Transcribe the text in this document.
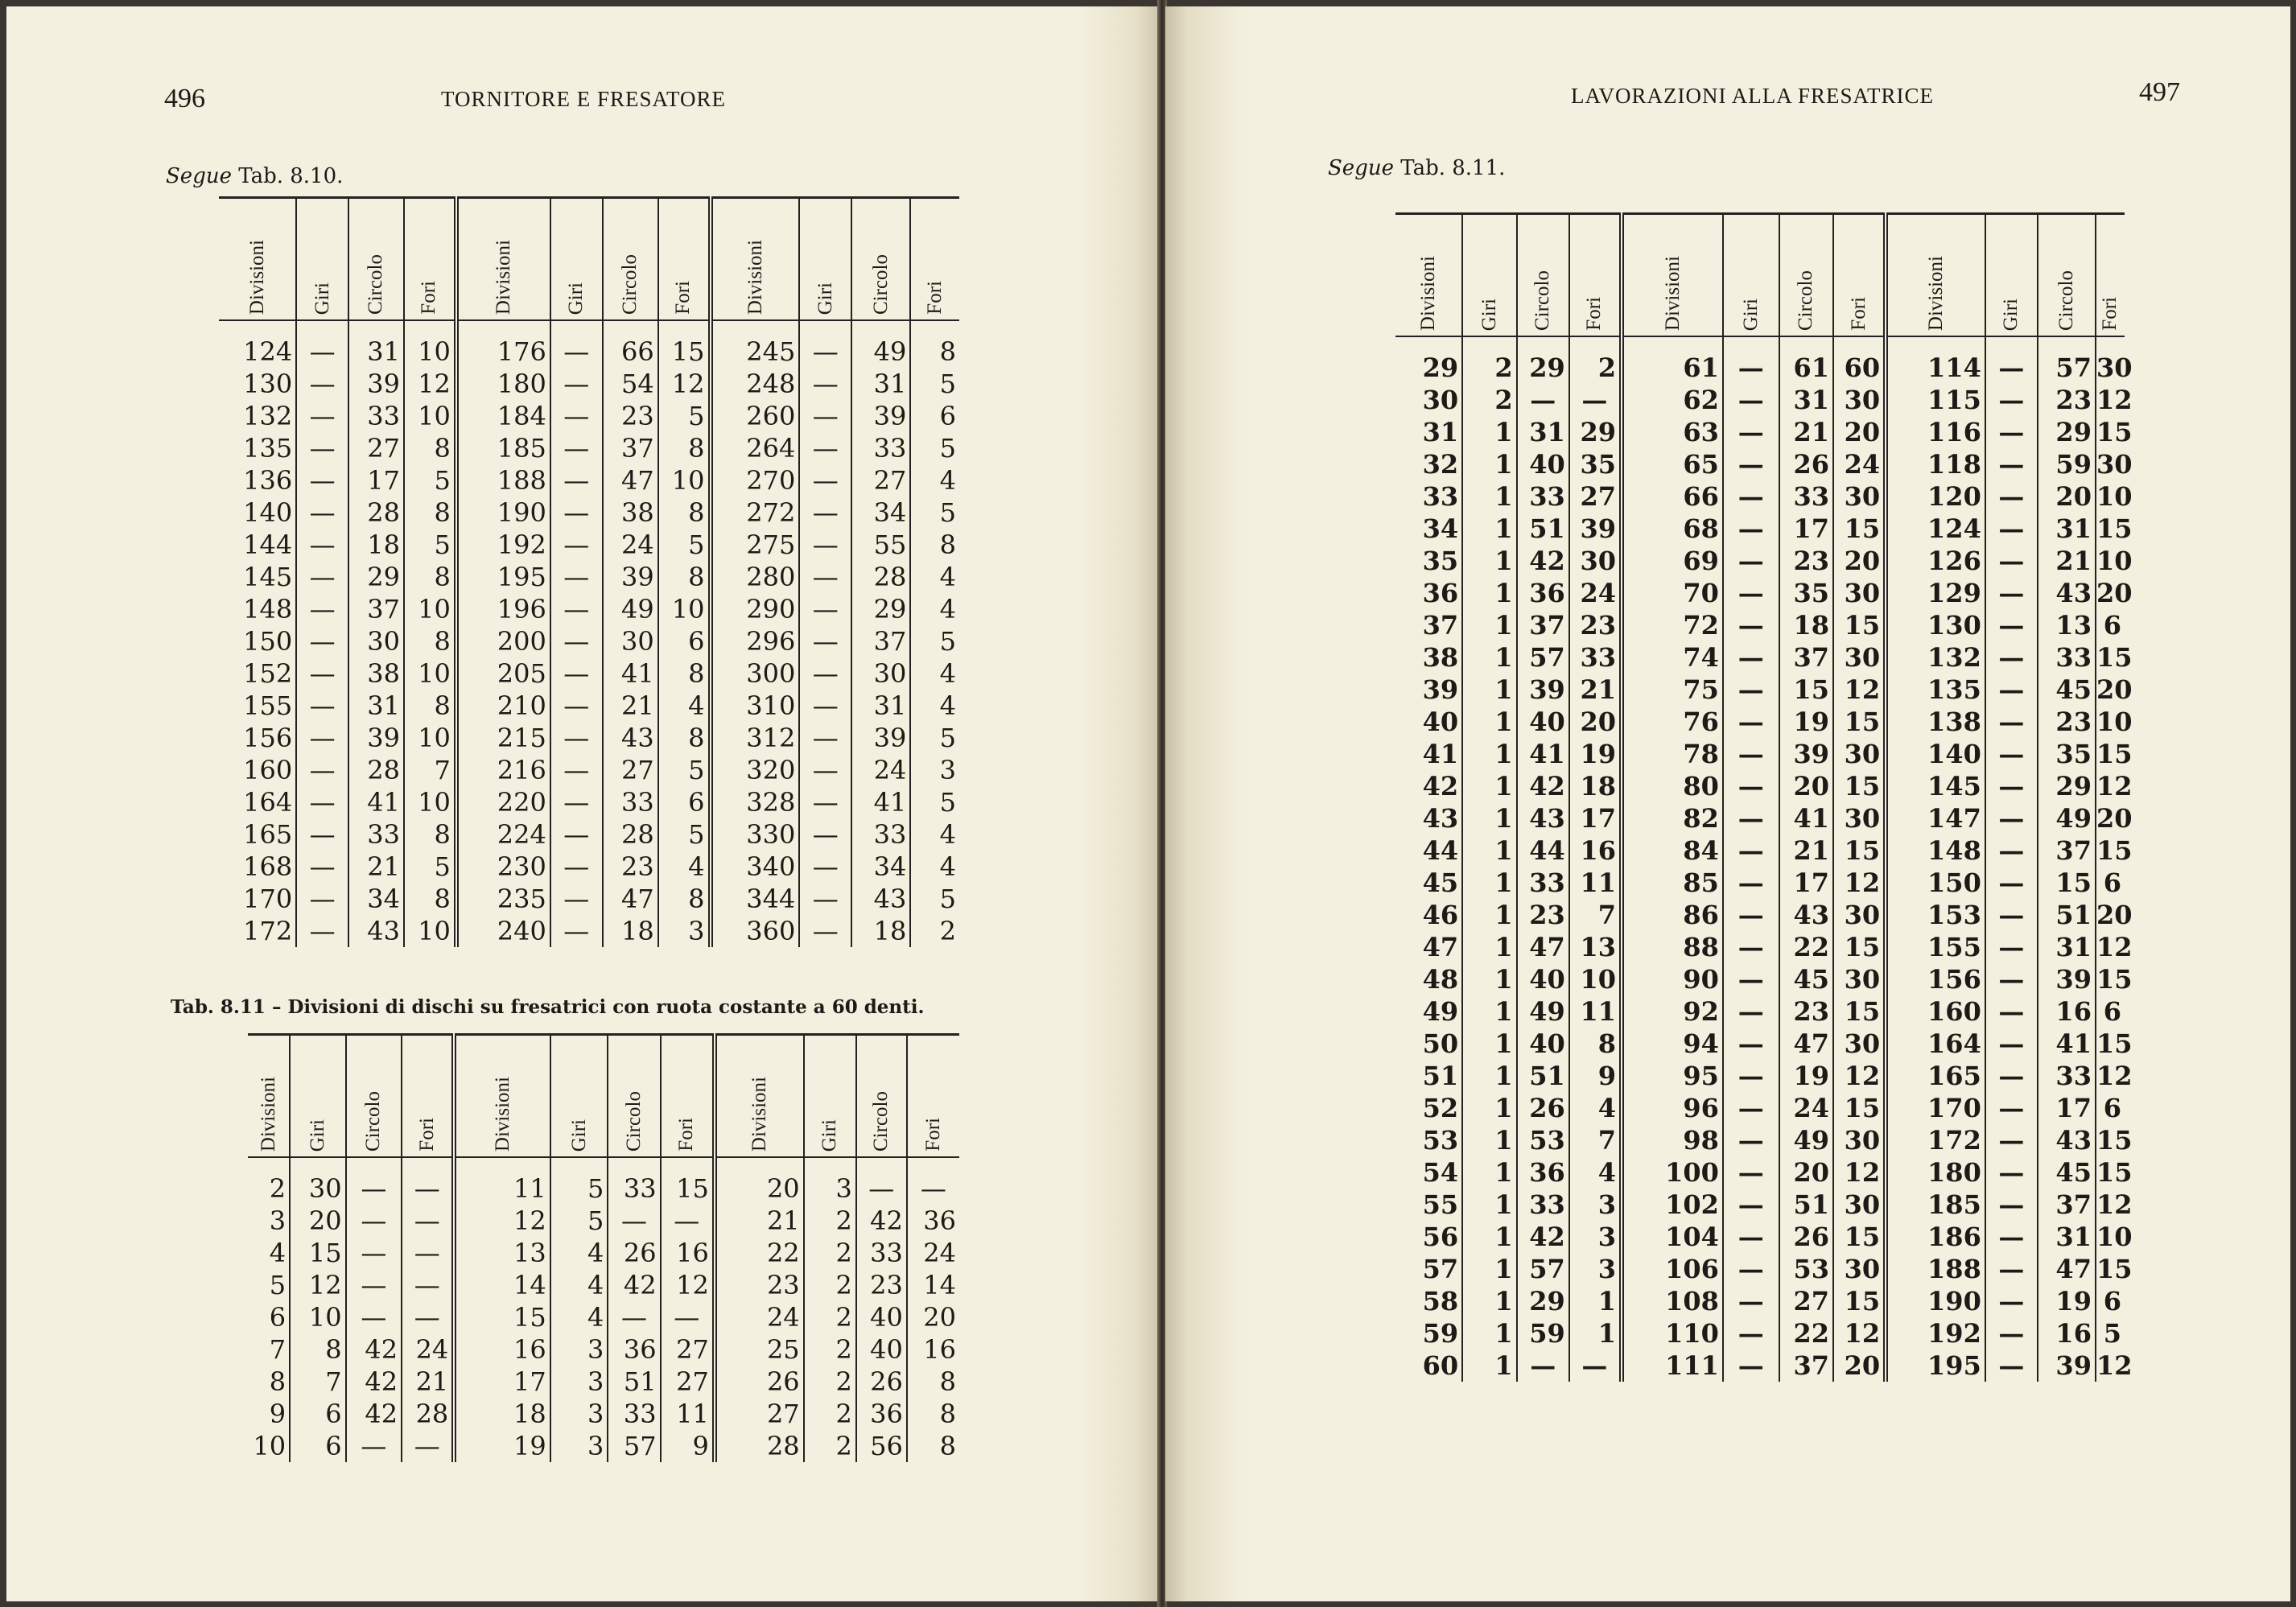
496	TORNITORE E FRESATORE
Segue Tab. 8.10.
Divisioni	Giri	Circolo	Fori	Divisioni	Giri	Circolo	Fori	Divisioni	Giri	Circolo	Fori

124	—	31	10	176	—	66	15	245	—	49	8
130	—	39	12	180	—	54	12	248	—	31	5
132	—	33	10	184	—	23	5	260	—	39	6
135	—	27	8	185	—	37	8	264	—	33	5
136	—	17	5	188	—	47	10	270	—	27	4
140	—	28	8	190	—	38	8	272	—	34	5
144	—	18	5	192	—	24	5	275	—	55	8
145	—	29	8	195	—	39	8	280	—	28	4
148	—	37	10	196	—	49	10	290	—	29	4
150	—	30	8	200	—	30	6	296	—	37	5
152	—	38	10	205	—	41	8	300	—	30	4
155	—	31	8	210	—	21	4	310	—	31	4
156	—	39	10	215	—	43	8	312	—	39	5
160	—	28	7	216	—	27	5	320	—	24	3
164	—	41	10	220	—	33	6	328	—	41	5
165	—	33	8	224	—	28	5	330	—	33	4
168	—	21	5	230	—	23	4	340	—	34	4
170	—	34	8	235	—	47	8	344	—	43	5
172	—	43	10	240	—	18	3	360	—	18	2
Tab. 8.11 – Divisioni di dischi su fresatrici con ruota costante a 60 denti.
Divisioni	Giri	Circolo	Fori	Divisioni	Giri	Circolo	Fori	Divisioni	Giri	Circolo	Fori

2	30	—	—	11	5	33	15	20	3	—	—
3	20	—	—	12	5	—	—	21	2	42	36
4	15	—	—	13	4	26	16	22	2	33	24
5	12	—	—	14	4	42	12	23	2	23	14
6	10	—	—	15	4	—	—	24	2	40	20
7	8	42	24	16	3	36	27	25	2	40	16
8	7	42	21	17	3	51	27	26	2	26	8
9	6	42	28	18	3	33	11	27	2	36	8
10	6	—	—	19	3	57	9	28	2	56	8
LAVORAZIONI ALLA FRESATRICE	497
Segue Tab. 8.11.
Divisioni	Giri	Circolo	Fori	Divisioni	Giri	Circolo	Fori	Divisioni	Giri	Circolo	Fori

29	2	29	2	61	—	61	60	114	—	57	30
30	2	—	—	62	—	31	30	115	—	23	12
31	1	31	29	63	—	21	20	116	—	29	15
32	1	40	35	65	—	26	24	118	—	59	30
33	1	33	27	66	—	33	30	120	—	20	10
34	1	51	39	68	—	17	15	124	—	31	15
35	1	42	30	69	—	23	20	126	—	21	10
36	1	36	24	70	—	35	30	129	—	43	20
37	1	37	23	72	—	18	15	130	—	13	6
38	1	57	33	74	—	37	30	132	—	33	15
39	1	39	21	75	—	15	12	135	—	45	20
40	1	40	20	76	—	19	15	138	—	23	10
41	1	41	19	78	—	39	30	140	—	35	15
42	1	42	18	80	—	20	15	145	—	29	12
43	1	43	17	82	—	41	30	147	—	49	20
44	1	44	16	84	—	21	15	148	—	37	15
45	1	33	11	85	—	17	12	150	—	15	6
46	1	23	7	86	—	43	30	153	—	51	20
47	1	47	13	88	—	22	15	155	—	31	12
48	1	40	10	90	—	45	30	156	—	39	15
49	1	49	11	92	—	23	15	160	—	16	6
50	1	40	8	94	—	47	30	164	—	41	15
51	1	51	9	95	—	19	12	165	—	33	12
52	1	26	4	96	—	24	15	170	—	17	6
53	1	53	7	98	—	49	30	172	—	43	15
54	1	36	4	100	—	20	12	180	—	45	15
55	1	33	3	102	—	51	30	185	—	37	12
56	1	42	3	104	—	26	15	186	—	31	10
57	1	57	3	106	—	53	30	188	—	47	15
58	1	29	1	108	—	27	15	190	—	19	6
59	1	59	1	110	—	22	12	192	—	16	5
60	1	—	—	111	—	37	20	195	—	39	12
